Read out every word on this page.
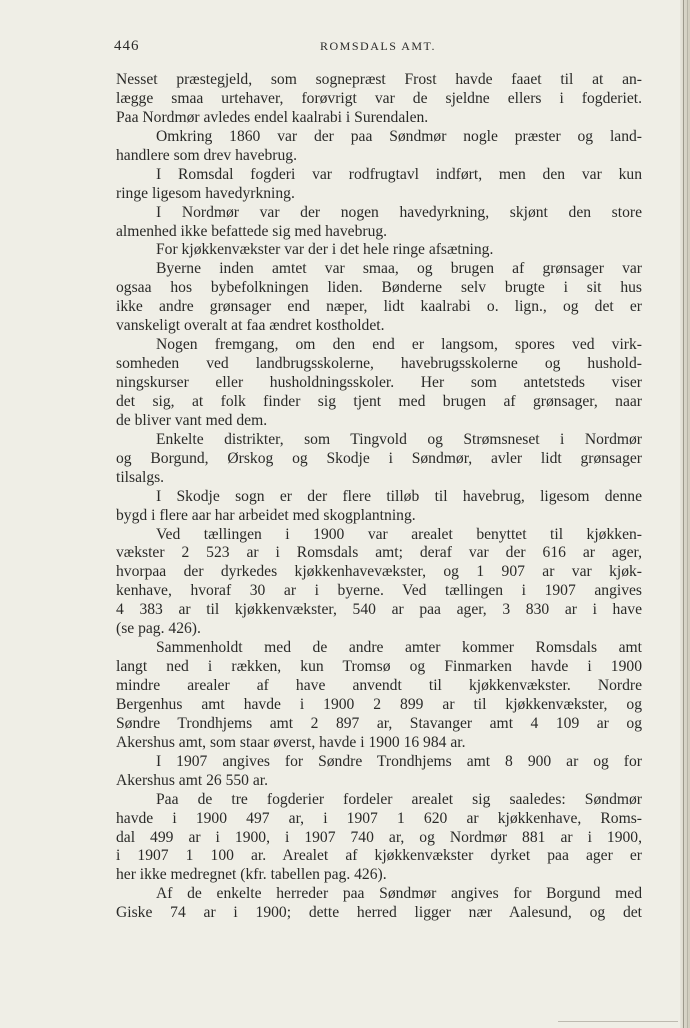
446	ROMSDALS AMT.
Nesset præstegjeld, som sognepræst Frost havde faaet til at an-
lægge smaa urtehaver, forøvrigt var de sjeldne ellers i fogderiet.
Paa Nordmør avledes endel kaalrabi i Surendalen.
Omkring 1860 var der paa Søndmør nogle præster og land-
handlere som drev havebrug.
I Romsdal fogderi var rodfrugtavl indført, men den var kun
ringe ligesom havedyrkning.
I Nordmør var der nogen havedyrkning, skjønt den store
almenhed ikke befattede sig med havebrug.
For kjøkkenvækster var der i det hele ringe afsætning.
Byerne inden amtet var smaa, og brugen af grønsager var
ogsaa hos bybefolkningen liden. Bønderne selv brugte i sit hus
ikke andre grønsager end næper, lidt kaalrabi o. lign., og det er
vanskeligt overalt at faa ændret kostholdet.
Nogen fremgang, om den end er langsom, spores ved virk-
somheden ved landbrugsskolerne, havebrugsskolerne og hushold-
ningskurser eller husholdningsskoler. Her som antetsteds viser
det sig, at folk finder sig tjent med brugen af grønsager, naar
de bliver vant med dem.
Enkelte distrikter, som Tingvold og Strømsneset i Nordmør
og Borgund, Ørskog og Skodje i Søndmør, avler lidt grønsager
tilsalgs.
I Skodje sogn er der flere tilløb til havebrug, ligesom denne
bygd i flere aar har arbeidet med skogplantning.
Ved tællingen i 1900 var arealet benyttet til kjøkken-
vækster 2 523 ar i Romsdals amt; deraf var der 616 ar ager,
hvorpaa der dyrkedes kjøkkenhavevækster, og 1 907 ar var kjøk-
kenhave, hvoraf 30 ar i byerne. Ved tællingen i 1907 angives
4 383 ar til kjøkkenvækster, 540 ar paa ager, 3 830 ar i have
(se pag. 426).
Sammenholdt med de andre amter kommer Romsdals amt
langt ned i rækken, kun Tromsø og Finmarken havde i 1900
mindre arealer af have anvendt til kjøkkenvækster. Nordre
Bergenhus amt havde i 1900 2 899 ar til kjøkkenvækster, og
Søndre Trondhjems amt 2 897 ar, Stavanger amt 4 109 ar og
Akershus amt, som staar øverst, havde i 1900 16 984 ar.
I 1907 angives for Søndre Trondhjems amt 8 900 ar og for
Akershus amt 26 550 ar.
Paa de tre fogderier fordeler arealet sig saaledes: Søndmør
havde i 1900 497 ar, i 1907 1 620 ar kjøkkenhave, Roms-
dal 499 ar i 1900, i 1907 740 ar, og Nordmør 881 ar i 1900,
i 1907 1 100 ar. Arealet af kjøkkenvækster dyrket paa ager er
her ikke medregnet (kfr. tabellen pag. 426).
Af de enkelte herreder paa Søndmør angives for Borgund med
Giske 74 ar i 1900; dette herred ligger nær Aalesund, og det
